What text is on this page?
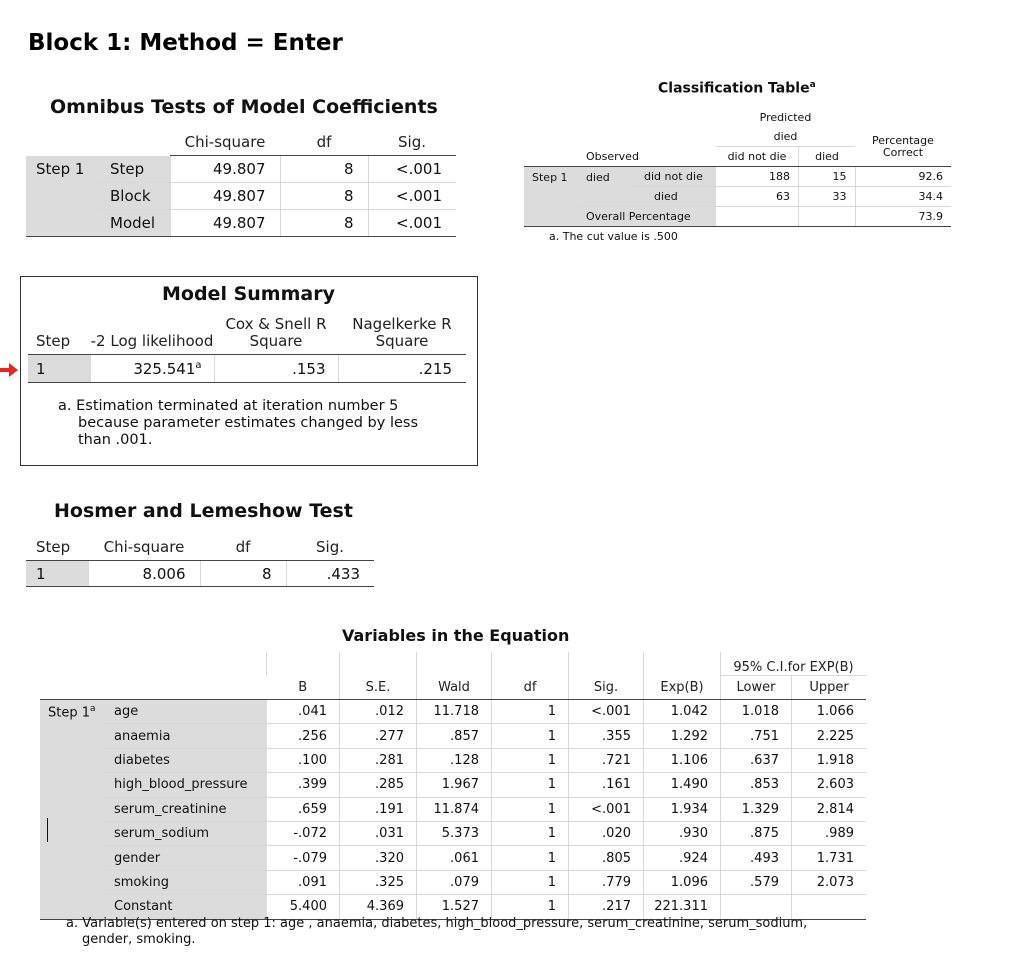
Block 1: Method = Enter
Omnibus Tests of Model Coefficients
		Chi-square	df	Sig.
Step 1	Step	49.807	8	<.001
	Block	49.807	8	<.001
	Model	49.807	8	<.001
Classification Table$^a$
			Predicted		
			died		Percentage Correct
	Observed		did not die	died	
Step 1	died	did not die	188	15	92.6
		died	63	33	34.4
	Overall Percentage				73.9
a. The cut value is .500
Model Summary
Step	-2 Log likelihood	Cox & Snell R Square	Nagelkerke R Square
1	325.541$^a$	.153	.215
a. Estimation terminated at iteration number 5
because parameter estimates changed by less
than .001.
Hosmer and Lemeshow Test
Step	Chi-square	df	Sig.
1	8.006	8	.433
Variables in the Equation
								95% C.I.for EXP(B)	
		B	S.E.	Wald	df	Sig.	Exp(B)	Lower	Upper
Step 1$^a$	age	.041	.012	11.718	1	<.001	1.042	1.018	1.066
	anaemia	.256	.277	.857	1	.355	1.292	.751	2.225
	diabetes	.100	.281	.128	1	.721	1.106	.637	1.918
	high_blood_pressure	.399	.285	1.967	1	.161	1.490	.853	2.603
	serum_creatinine	.659	.191	11.874	1	<.001	1.934	1.329	2.814
	serum_sodium	-.072	.031	5.373	1	.020	.930	.875	.989
	gender	-.079	.320	.061	1	.805	.924	.493	1.731
	smoking	.091	.325	.079	1	.779	1.096	.579	2.073
	Constant	5.400	4.369	1.527	1	.217	221.311		
a. Variable(s) entered on step 1: age , anaemia, diabetes, high_blood_pressure, serum_creatinine, serum_sodium,
gender, smoking.
